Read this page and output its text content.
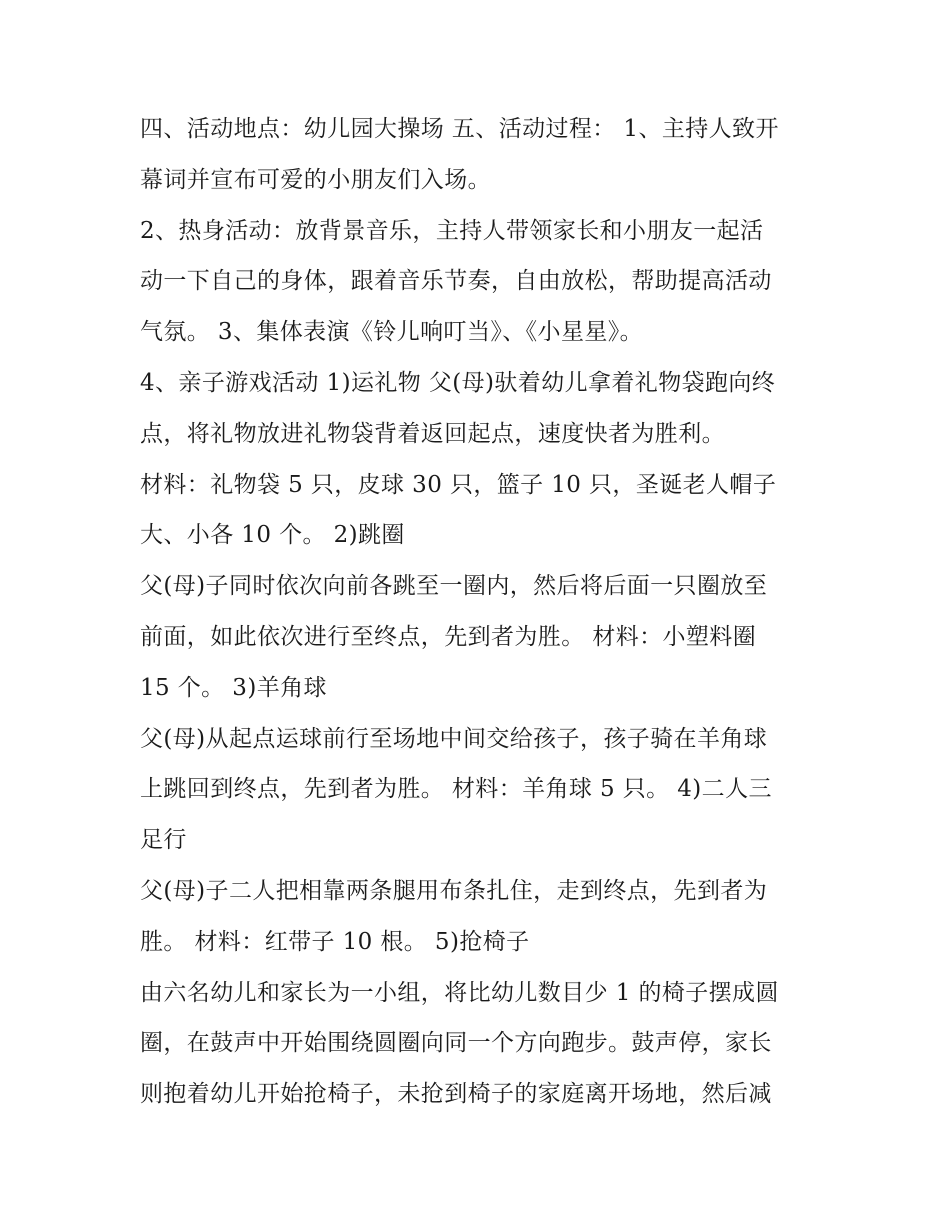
四、活动地点：幼儿园大操场 五、活动过程： 1、主持人致开
幕词并宣布可爱的小朋友们入场。
2、热身活动：放背景音乐，主持人带领家长和小朋友一起活
动一下自己的身体，跟着音乐节奏，自由放松，帮助提高活动
气氛。 3、集体表演《铃儿响叮当》、《小星星》。
4、亲子游戏活动 1)运礼物 父(母)驮着幼儿拿着礼物袋跑向终
点，将礼物放进礼物袋背着返回起点，速度快者为胜利。
材料：礼物袋 5 只，皮球 30 只，篮子 10 只，圣诞老人帽子
大、小各 10 个。 2)跳圈
父(母)子同时依次向前各跳至一圈内，然后将后面一只圈放至
前面，如此依次进行至终点，先到者为胜。 材料：小塑料圈
15 个。 3)羊角球
父(母)从起点运球前行至场地中间交给孩子，孩子骑在羊角球
上跳回到终点，先到者为胜。 材料：羊角球 5 只。 4)二人三
足行
父(母)子二人把相靠两条腿用布条扎住，走到终点，先到者为
胜。 材料：红带子 10 根。 5)抢椅子
由六名幼儿和家长为一小组，将比幼儿数目少 1 的椅子摆成圆
圈，在鼓声中开始围绕圆圈向同一个方向跑步。鼓声停，家长
则抱着幼儿开始抢椅子，未抢到椅子的家庭离开场地，然后减
